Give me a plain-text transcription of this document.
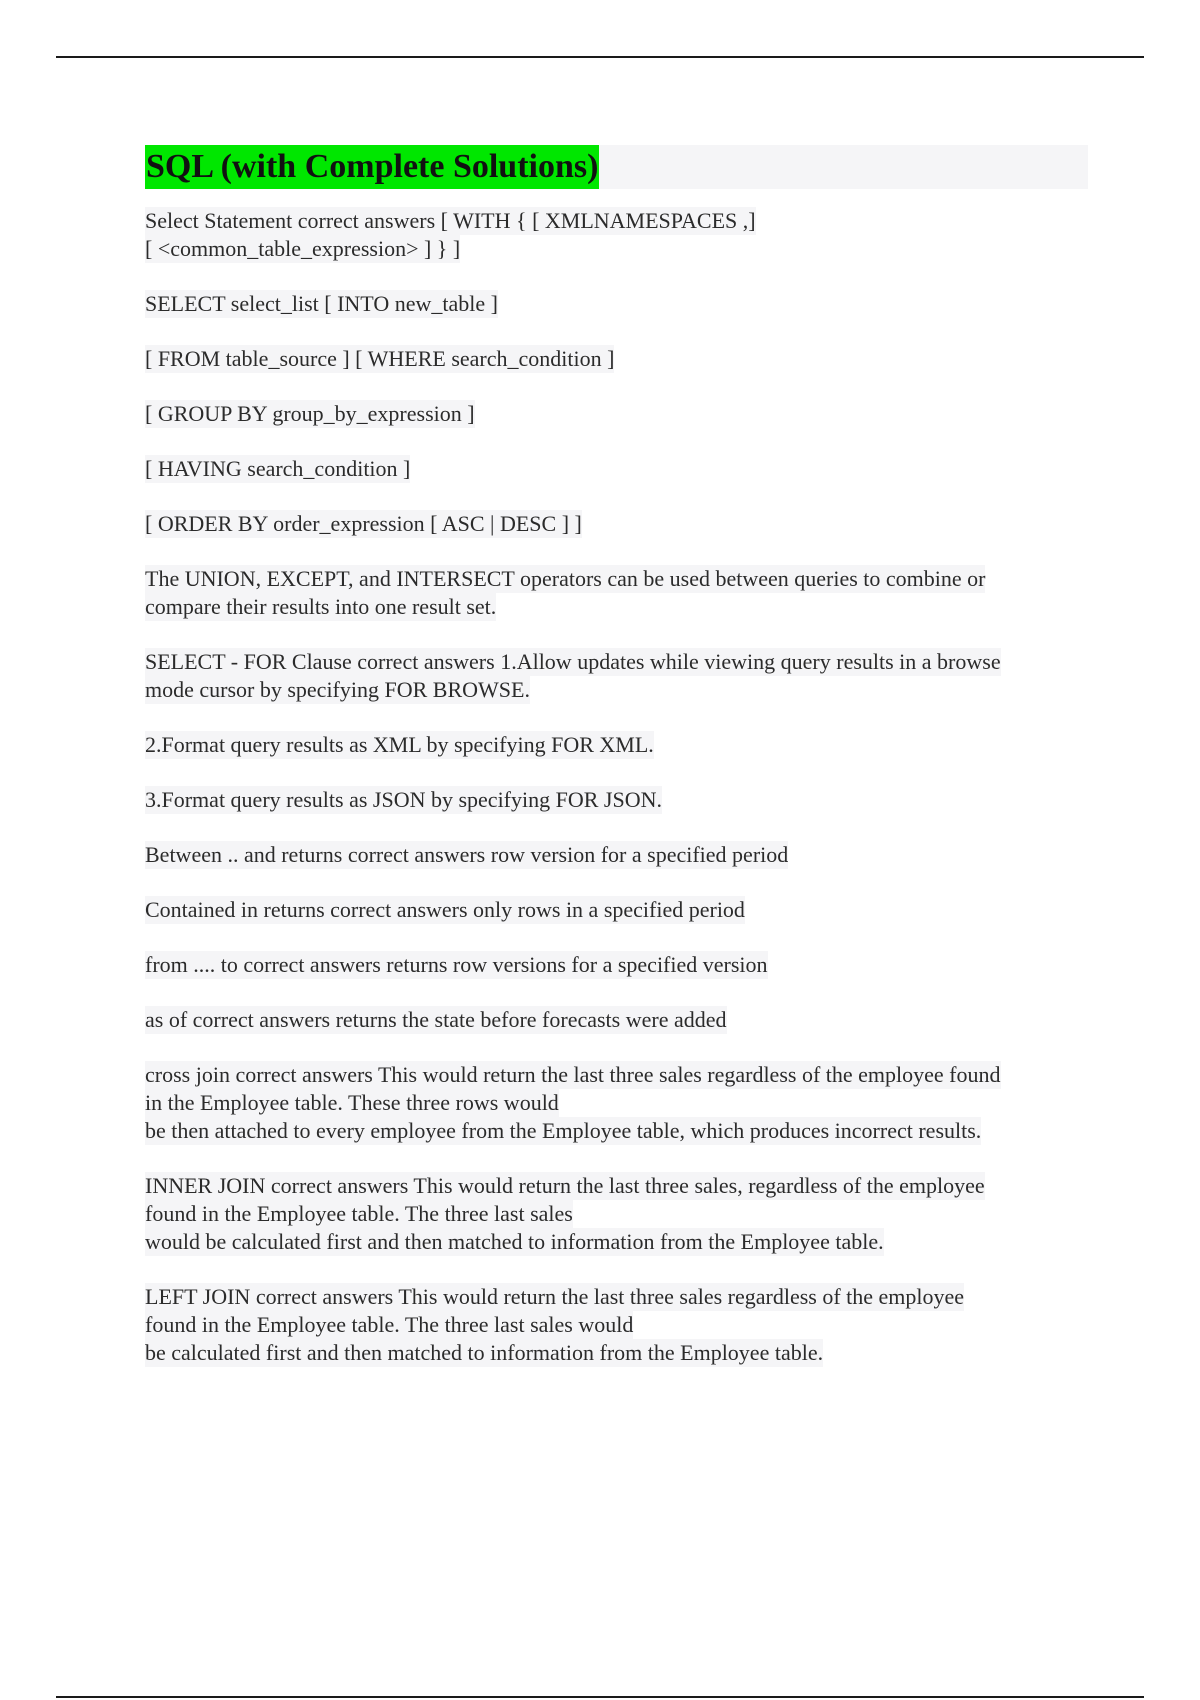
SQL (with Complete Solutions)
Select Statement correct answers [ WITH { [ XMLNAMESPACES ,]
[ <common_table_expression> ] } ]
SELECT select_list [ INTO new_table ]
[ FROM table_source ] [ WHERE search_condition ]
[ GROUP BY group_by_expression ]
[ HAVING search_condition ]
[ ORDER BY order_expression [ ASC | DESC ] ]
The UNION, EXCEPT, and INTERSECT operators can be used between queries to combine or
compare their results into one result set.
SELECT - FOR Clause correct answers 1.Allow updates while viewing query results in a browse
mode cursor by specifying FOR BROWSE.
2.Format query results as XML by specifying FOR XML.
3.Format query results as JSON by specifying FOR JSON.
Between .. and returns correct answers row version for a specified period
Contained in returns correct answers only rows in a specified period
from .... to correct answers returns row versions for a specified version
as of correct answers returns the state before forecasts were added
cross join correct answers This would return the last three sales regardless of the employee found
in the Employee table. These three rows would
be then attached to every employee from the Employee table, which produces incorrect results.
INNER JOIN correct answers This would return the last three sales, regardless of the employee
found in the Employee table. The three last sales
would be calculated first and then matched to information from the Employee table.
LEFT JOIN correct answers This would return the last three sales regardless of the employee
found in the Employee table. The three last sales would
be calculated first and then matched to information from the Employee table.
